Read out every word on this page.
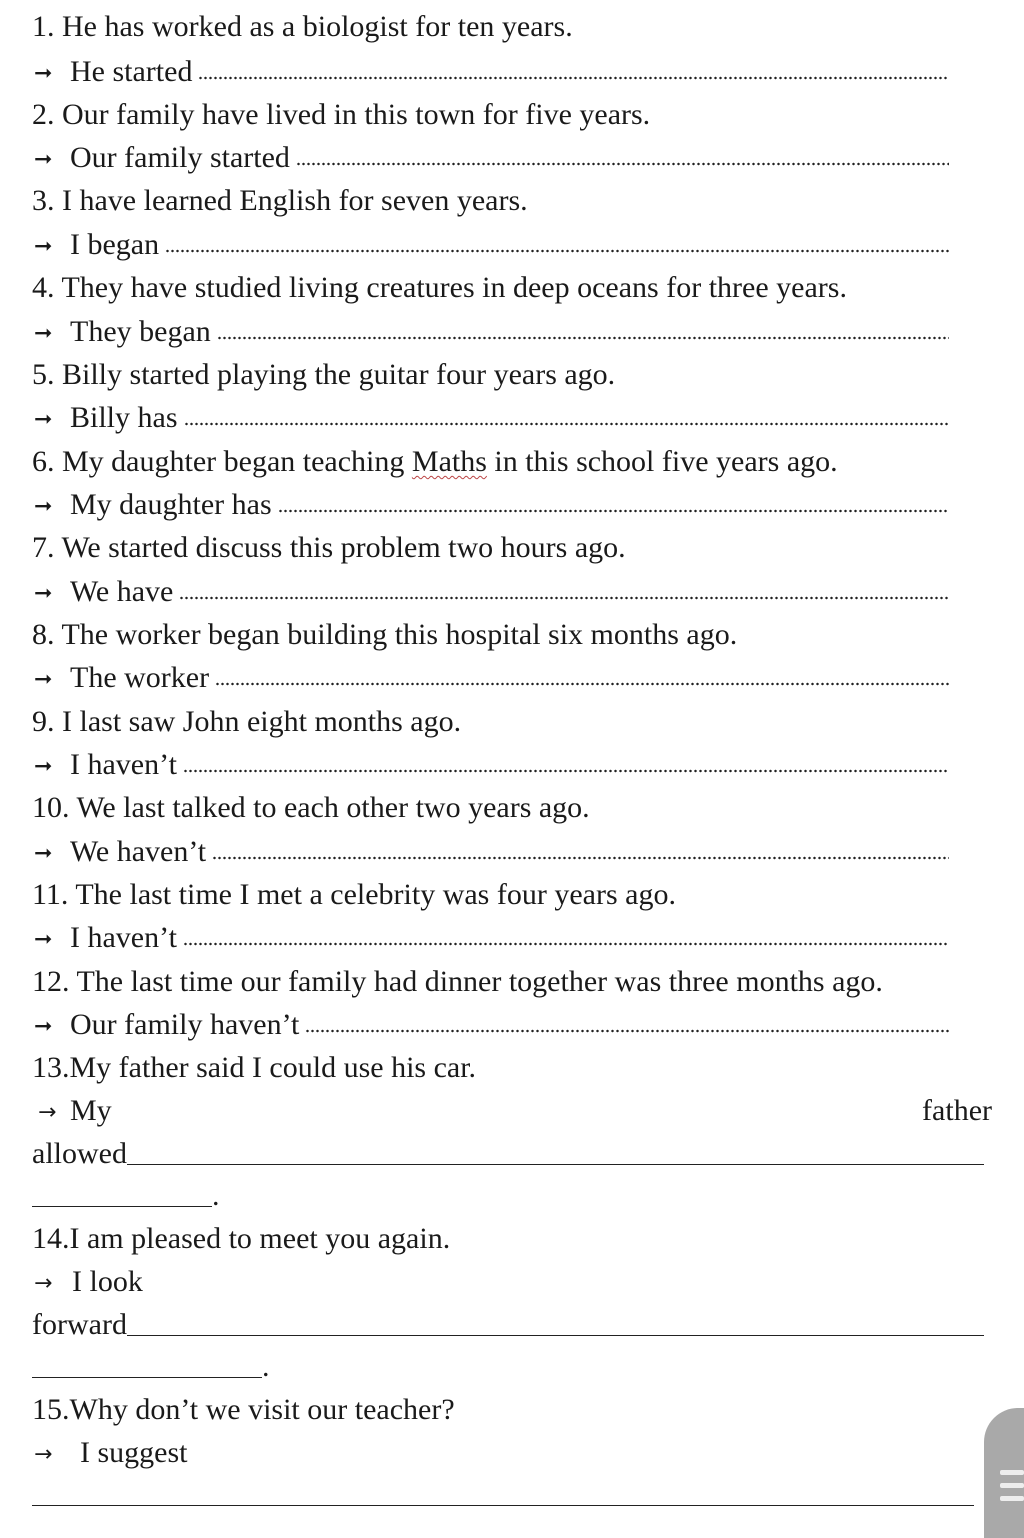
1. He has worked as a biologist for ten years.
➞ He started
2. Our family have lived in this town for five years.
➞ Our family started
3. I have learned English for seven years.
➞ I began
4. They have studied living creatures in deep oceans for three years.
➞ They began
5. Billy started playing the guitar four years ago.
➞ Billy has
6. My daughter began teaching Maths in this school five years ago.
➞ My daughter has
7. We started discuss this problem two hours ago.
➞ We have
8. The worker began building this hospital six months ago.
➞ The worker
9. I last saw John eight months ago.
➞ I haven’t
10. We last talked to each other two years ago.
➞ We haven’t
11. The last time I met a celebrity was four years ago.
➞ I haven’t
12. The last time our family had dinner together was three months ago.
➞ Our family haven’t
13.My father said I could use his car.
→ My	father
allowed
.
14.I am pleased to meet you again.
→ I look
forward
.
15.Why don’t we visit our teacher?
→ I suggest
